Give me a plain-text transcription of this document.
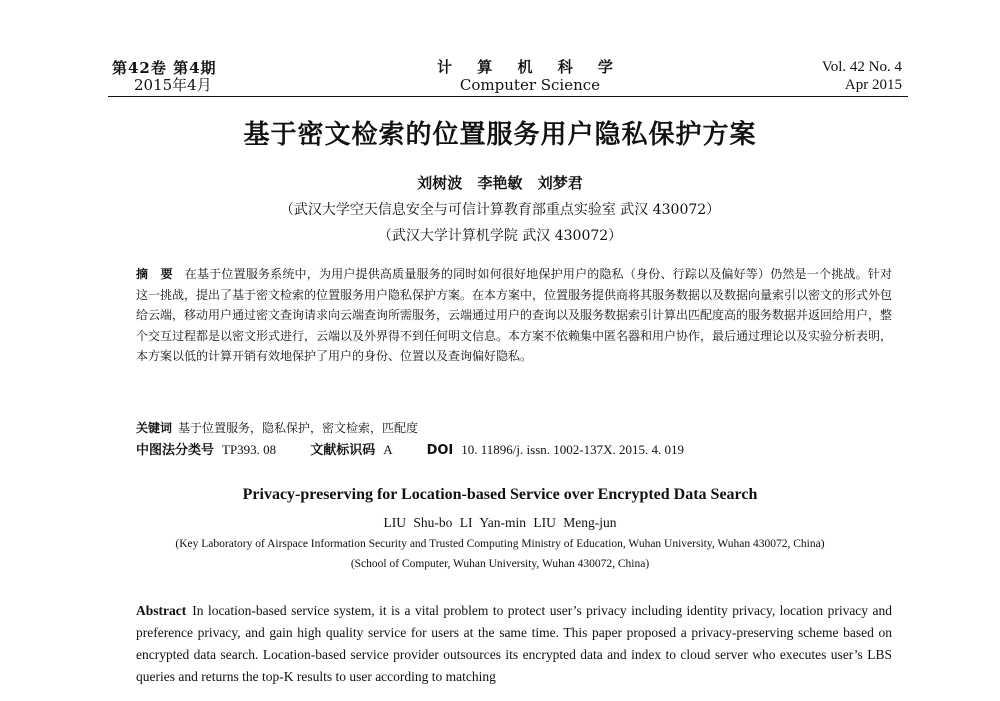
第42卷 第4期
2015年4月
计 算 机 科 学
Computer Science
Vol. 42 No. 4
Apr 2015
基于密文检索的位置服务用户隐私保护方案
刘树波 李艳敏 刘梦君
（武汉大学空天信息安全与可信计算教育部重点实验室 武汉 430072）
（武汉大学计算机学院 武汉 430072）
摘 要 在基于位置服务系统中，为用户提供高质量服务的同时如何很好地保护用户的隐私（身份、行踪以及偏好等）仍然是一个挑战。针对这一挑战，提出了基于密文检索的位置服务用户隐私保护方案。在本方案中，位置服务提供商将其服务数据以及数据向量索引以密文的形式外包给云端，移动用户通过密文查询请求向云端查询所需服务，云端通过用户的查询以及服务数据索引计算出匹配度高的服务数据并返回给用户，整个交互过程都是以密文形式进行，云端以及外界得不到任何明文信息。本方案不依赖集中匿名器和用户协作，最后通过理论以及实验分析表明，本方案以低的计算开销有效地保护了用户的身份、位置以及查询偏好隐私。
关键词 基于位置服务，隐私保护，密文检索，匹配度
中图法分类号 TP393. 08	文献标识码 A	DOI 10. 11896/j. issn. 1002-137X. 2015. 4. 019
Privacy-preserving for Location-based Service over Encrypted Data Search
LIU Shu-bo LI Yan-min LIU Meng-jun
(Key Laboratory of Airspace Information Security and Trusted Computing Ministry of Education, Wuhan University, Wuhan 430072, China)
(School of Computer, Wuhan University, Wuhan 430072, China)
Abstract In location-based service system, it is a vital problem to protect user’s privacy including identity privacy, location privacy and preference privacy, and gain high quality service for users at the same time. This paper proposed a privacy-preserving scheme based on encrypted data search. Location-based service provider outsources its encrypted data and index to cloud server who executes user’s LBS queries and returns the top-K results to user according to matching
